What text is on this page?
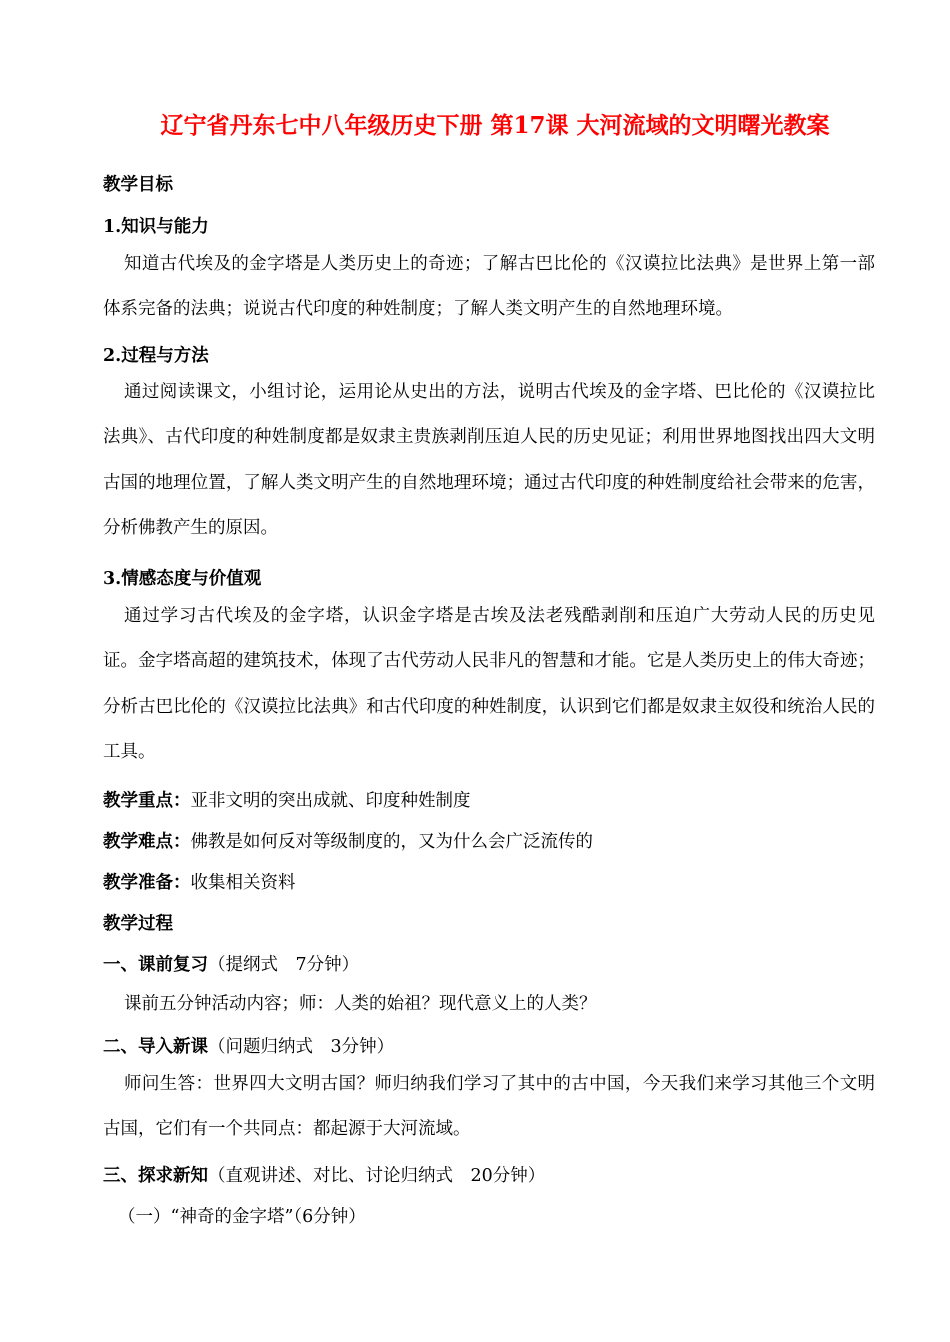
辽宁省丹东七中八年级历史下册 第17课 大河流域的文明曙光教案

教学目标

1.知识与能力

知道古代埃及的金字塔是人类历史上的奇迹；了解古巴比伦的《汉谟拉比法典》是世界上第一部体系完备的法典；说说古代印度的种姓制度；了解人类文明产生的自然地理环境。

2.过程与方法

通过阅读课文，小组讨论，运用论从史出的方法，说明古代埃及的金字塔、巴比伦的《汉谟拉比法典》、古代印度的种姓制度都是奴隶主贵族剥削压迫人民的历史见证；利用世界地图找出四大文明古国的地理位置，了解人类文明产生的自然地理环境；通过古代印度的种姓制度给社会带来的危害，分析佛教产生的原因。

3.情感态度与价值观

通过学习古代埃及的金字塔，认识金字塔是古埃及法老残酷剥削和压迫广大劳动人民的历史见证。金字塔高超的建筑技术，体现了古代劳动人民非凡的智慧和才能。它是人类历史上的伟大奇迹；分析古巴比伦的《汉谟拉比法典》和古代印度的种姓制度，认识到它们都是奴隶主奴役和统治人民的工具。

教学重点：亚非文明的突出成就、印度种姓制度

教学难点：佛教是如何反对等级制度的，又为什么会广泛流传的

教学准备：收集相关资料

教学过程

一、课前复习（提纲式　7分钟）

课前五分钟活动内容；师：人类的始祖？现代意义上的人类？

二、导入新课（问题归纳式　3分钟）

师问生答：世界四大文明古国？师归纳我们学习了其中的古中国，今天我们来学习其他三个文明古国，它们有一个共同点：都起源于大河流域。

三、探求新知（直观讲述、对比、讨论归纳式　20分钟）

（一）“神奇的金字塔”（6分钟）
